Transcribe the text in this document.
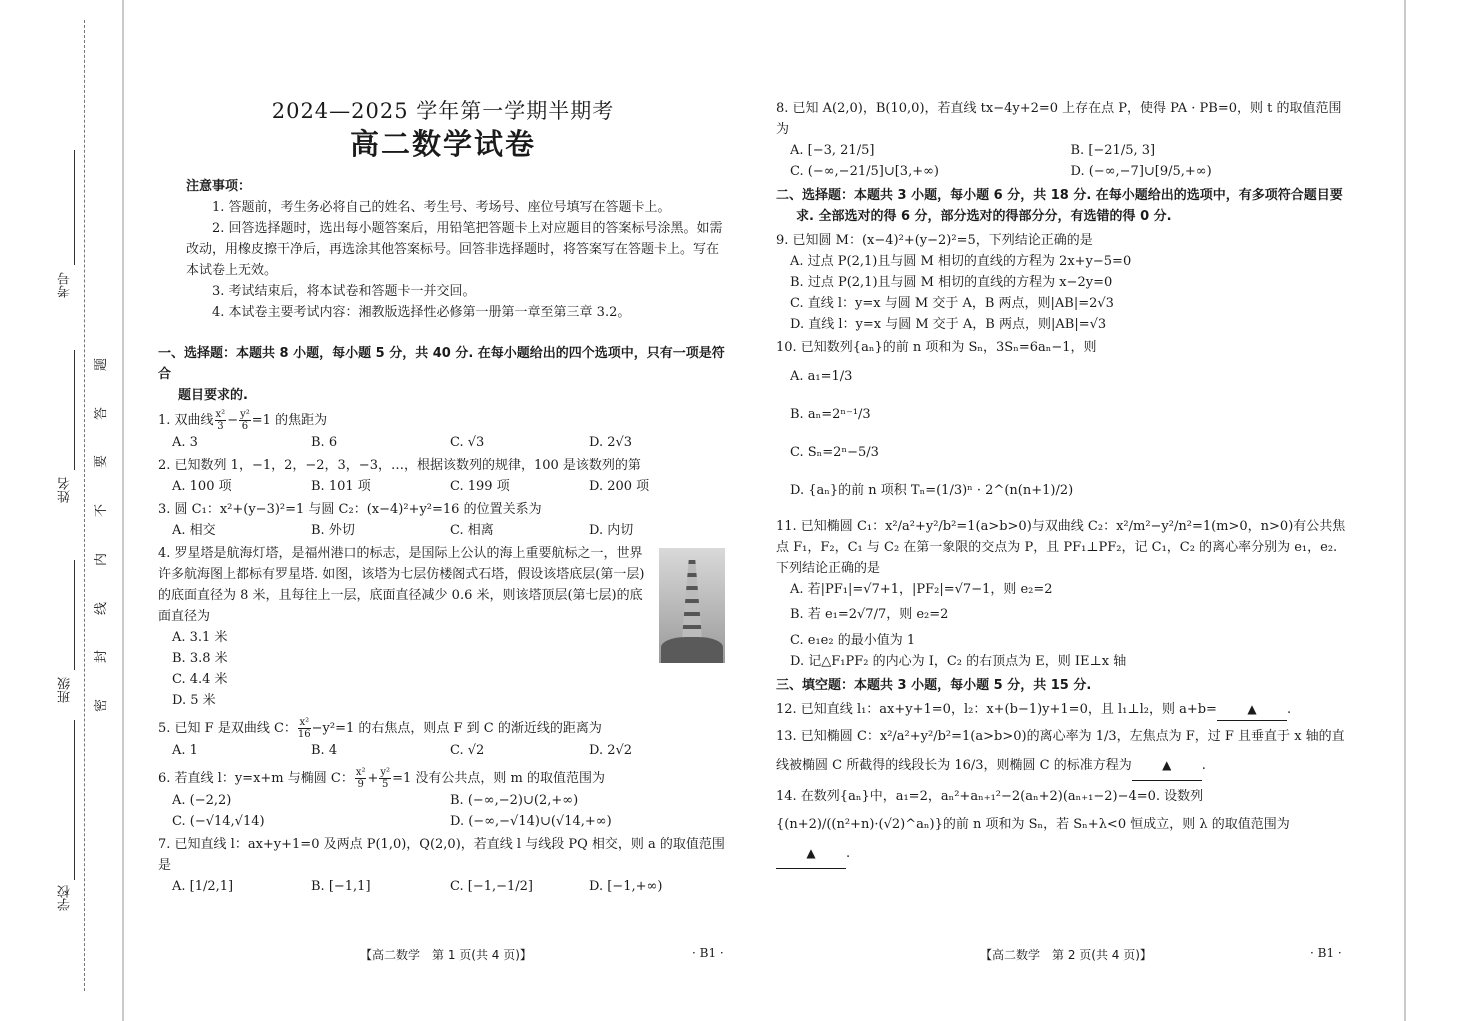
考号
姓名
班级
学校
题
答
要
不
内
线
封
密
2024—2025 学年第一学期半期考
高二数学试卷
注意事项：

1. 答题前，考生务必将自己的姓名、考生号、考场号、座位号填写在答题卡上。

2. 回答选择题时，选出每小题答案后，用铅笔把答题卡上对应题目的答案标号涂黑。如需改动，用橡皮擦干净后，再选涂其他答案标号。回答非选择题时，将答案写在答题卡上。写在本试卷上无效。

3. 考试结束后，将本试卷和答题卡一并交回。

4. 本试卷主要考试内容：湘教版选择性必修第一册第一章至第三章 3.2。

一、选择题：本题共 8 小题，每小题 5 分，共 40 分. 在每小题给出的四个选项中，只有一项是符合
题目要求的.
1. 双曲线 $\frac{\text{x²}}{3} - \frac{\text{y²}}{6} =1$ 的焦距为
A. 3	B. 6	C. √3	D. 2√3
2. 已知数列 1，−1，2，−2，3，−3，…，根据该数列的规律，100 是该数列的第
A. 100 项	B. 101 项	C. 199 项	D. 200 项
3. 圆 C₁：x²+(y−3)²=1 与圆 C₂：(x−4)²+y²=16 的位置关系为
A. 相交	B. 外切	C. 相离	D. 内切
4. 罗星塔是航海灯塔，是福州港口的标志，是国际上公认的海上重要航标之一，世界许多航海图上都标有罗星塔. 如图，该塔为七层仿楼阁式石塔，假设该塔底层(第一层)的底面直径为 8 米，且每往上一层，底面直径减少 0.6 米，则该塔顶层(第七层)的底面直径为
A. 3.1 米
B. 3.8 米
C. 4.4 米
D. 5 米
5. 已知 F 是双曲线 C： $\frac{\text{x²}}{16} -y^2=1$ 的右焦点，则点 F 到 C 的渐近线的距离为
A. 1	B. 4	C. √2	D. 2√2
6. 若直线 l：y=x+m 与椭圆 C： $\frac{\text{x²}}{9} + \frac{\text{y²}}{5} =1$ 没有公共点，则 m 的取值范围为
A. (−2,2)	B. (−∞,−2)∪(2,+∞)
C. (−√14,√14)	D. (−∞,−√14)∪(√14,+∞)
7. 已知直线 l：ax+y+1=0 及两点 P(1,0)，Q(2,0)，若直线 l 与线段 PQ 相交，则 a 的取值范围是
A. [1/2,1]	B. [−1,1]	C. [−1,−1/2]	D. [−1,+∞)
【高二数学　第 1 页(共 4 页)】	· B1 ·
8. 已知 A(2,0)，B(10,0)，若直线 tx−4y+2=0 上存在点 P，使得 PA · PB=0，则 t 的取值范围为
A. [−3, 21/5]	B. [−21/5, 3]
C. (−∞,−21/5]∪[3,+∞)	D. (−∞,−7]∪[9/5,+∞)
二、选择题：本题共 3 小题，每小题 6 分，共 18 分. 在每小题给出的选项中，有多项符合题目要
求. 全部选对的得 6 分，部分选对的得部分分，有选错的得 0 分.
9. 已知圆 M：(x−4)²+(y−2)²=5，下列结论正确的是
A. 过点 P(2,1)且与圆 M 相切的直线的方程为 2x+y−5=0
B. 过点 P(2,1)且与圆 M 相切的直线的方程为 x−2y=0
C. 直线 l：y=x 与圆 M 交于 A，B 两点，则|AB|=2√3
D. 直线 l：y=x 与圆 M 交于 A，B 两点，则|AB|=√3
10. 已知数列{aₙ}的前 n 项和为 Sₙ，3Sₙ=6aₙ−1，则
A. a₁=1/3
B. aₙ=2ⁿ⁻¹/3
C. Sₙ=2ⁿ−5/3
D. {aₙ}的前 n 项积 Tₙ=(1/3)ⁿ · 2^(n(n+1)/2)
11. 已知椭圆 C₁：x²/a²+y²/b²=1(a>b>0)与双曲线 C₂：x²/m²−y²/n²=1(m>0，n>0)有公共焦点 F₁，F₂，C₁ 与 C₂ 在第一象限的交点为 P，且 PF₁⊥PF₂，记 C₁，C₂ 的离心率分别为 e₁，e₂. 下列结论正确的是
A. 若|PF₁|=√7+1，|PF₂|=√7−1，则 e₂=2
B. 若 e₁=2√7/7，则 e₂=2
C. e₁e₂ 的最小值为 1
D. 记△F₁PF₂ 的内心为 I，C₂ 的右顶点为 E，则 IE⊥x 轴
三、填空题：本题共 3 小题，每小题 5 分，共 15 分.
12. 已知直线 l₁：ax+y+1=0，l₂：x+(b−1)y+1=0，且 l₁⊥l₂，则 a+b=	▲ .
13. 已知椭圆 C：x²/a²+y²/b²=1(a>b>0)的离心率为 1/3，左焦点为 F，过 F 且垂直于 x 轴的直线被椭圆 C 所截得的线段长为 16/3，则椭圆 C 的标准方程为	▲ .
14. 在数列{aₙ}中，a₁=2，aₙ²+aₙ₊₁²−2(aₙ+2)(aₙ₊₁−2)−4=0. 设数列{(n+2)/((n²+n)·(√2)^aₙ)}的前 n 项和为 Sₙ，若 Sₙ+λ<0 恒成立，则 λ 的取值范围为▲ .
【高二数学　第 2 页(共 4 页)】	· B1 ·
